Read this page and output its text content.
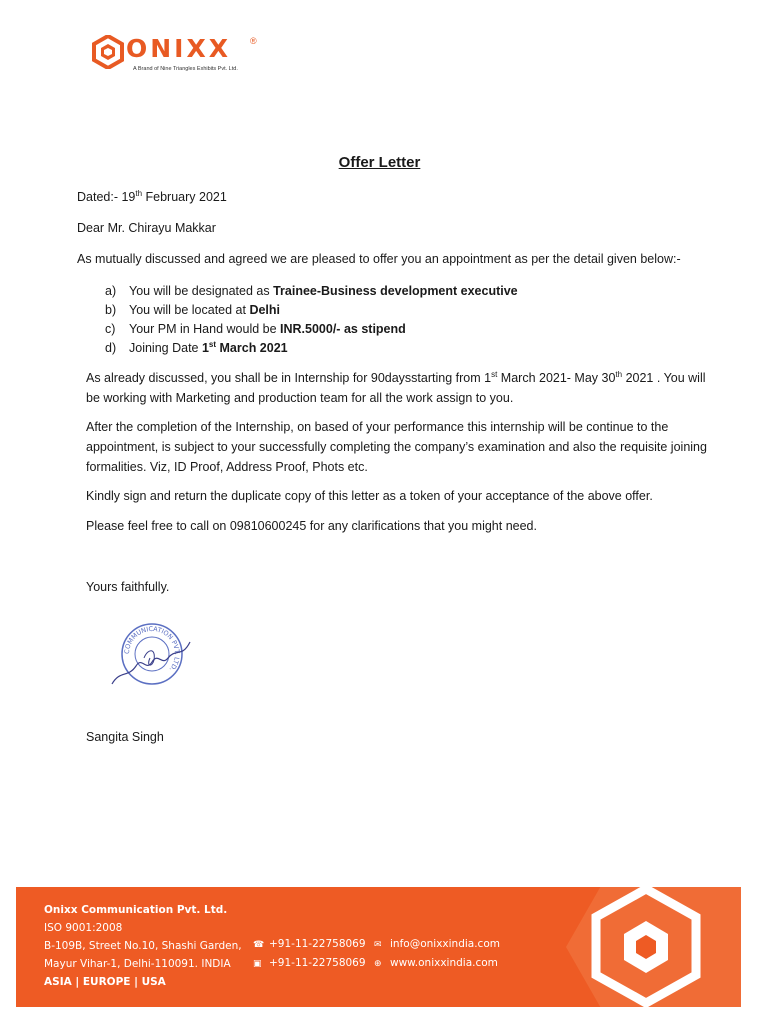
ONIXX ®
A Brand of Nine Triangles Exhibits Pvt. Ltd.
Offer Letter
Dated:- 19th February 2021
Dear Mr. Chirayu Makkar
As mutually discussed and agreed we are pleased to offer you an appointment as per the detail given below:-
a) You will be designated as Trainee-Business development executive
b) You will be located at Delhi
c) Your PM in Hand would be INR.5000/- as stipend
d) Joining Date 1st March 2021
As already discussed, you shall be in Internship for 90daysstarting from 1st March 2021- May 30th 2021 . You will be working with Marketing and production team for all the work assign to you.
After the completion of the Internship, on based of your performance this internship will be continue to the appointment, is subject to your successfully completing the company’s examination and also the requisite joining formalities. Viz, ID Proof, Address Proof, Phots etc.
Kindly sign and return the duplicate copy of this letter as a token of your acceptance of the above offer.
Please feel free to call on 09810600245 for any clarifications that you might need.
Yours faithfully.
COMMUNICATION PVT. LTD.
Sangita Singh
Onixx Communication Pvt. Ltd.
ISO 9001:2008
B-109B, Street No.10, Shashi Garden,
Mayur Vihar-1, Delhi-110091. INDIA
ASIA | EUROPE | USA
☎ +91-11-22758069
▣ +91-11-22758069
✉ info@onixxindia.com
⊕ www.onixxindia.com
